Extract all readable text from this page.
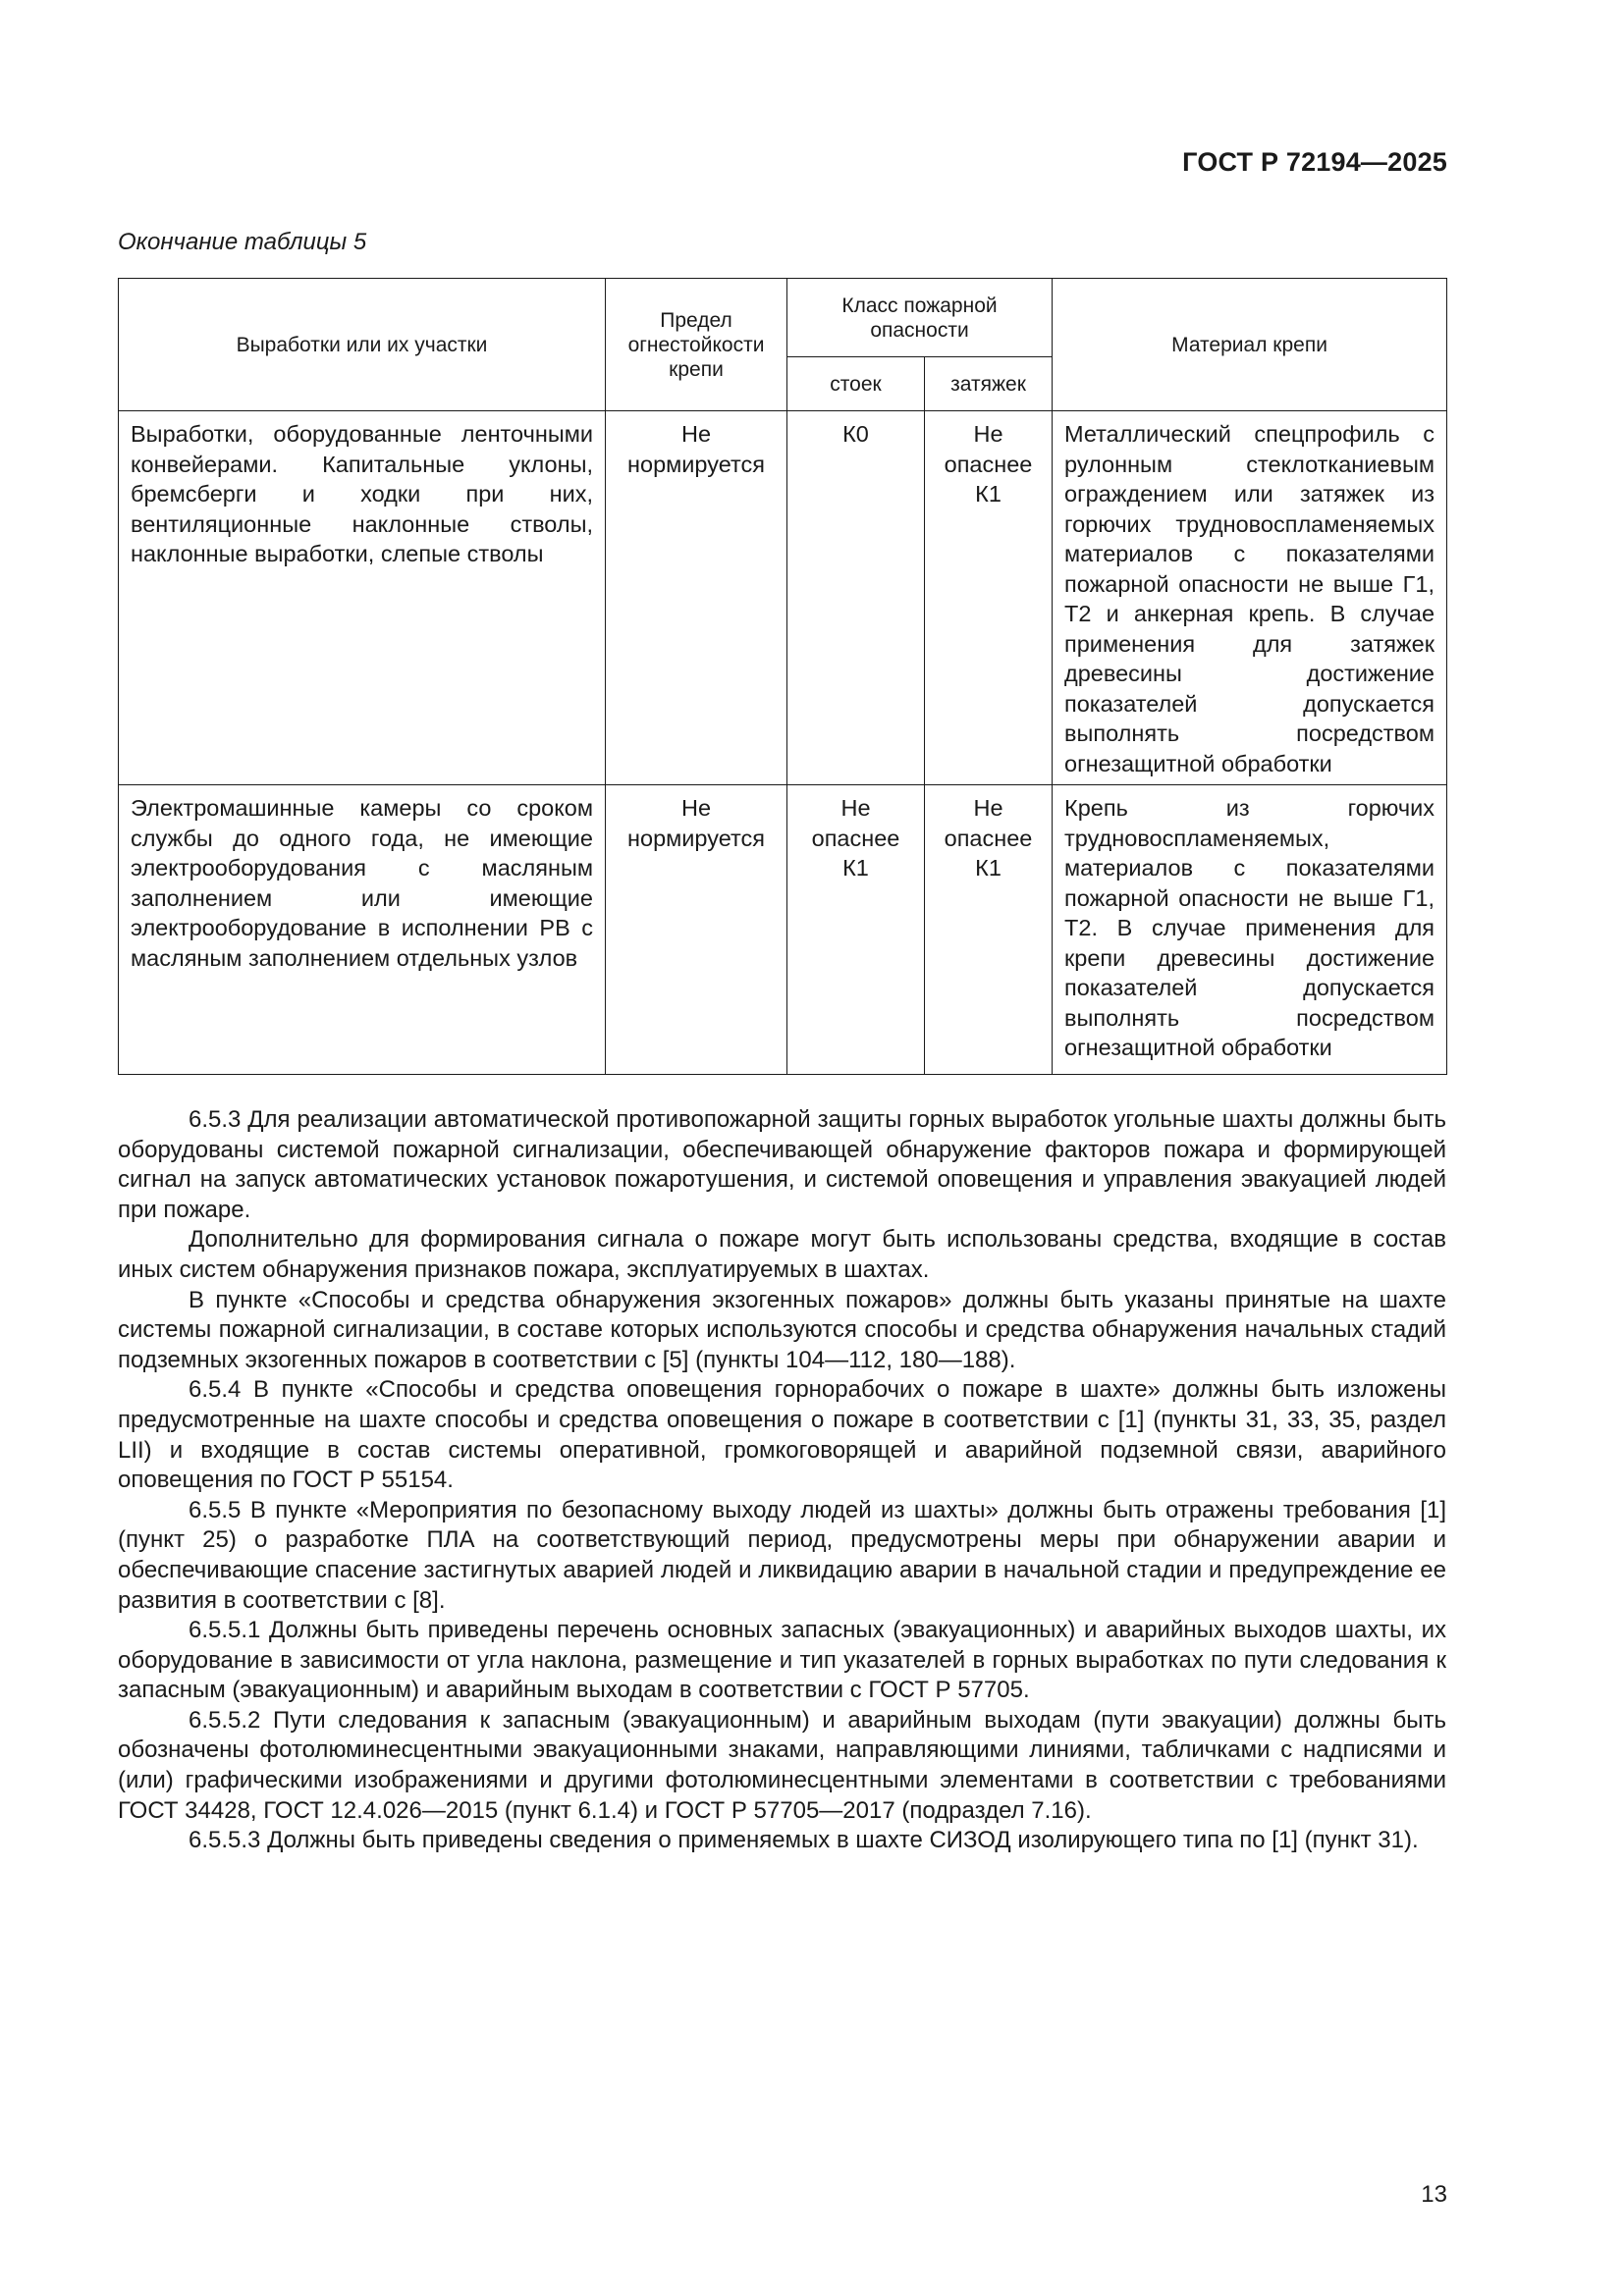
ГОСТ Р 72194—2025
Окончание таблицы 5
Выработки или их участки	Предел огнестойкости крепи	Класс пожарной опасности		Материал крепи
		стоек	затяжек	
Выработки, оборудованные ленточными конвейерами. Капитальные уклоны, бремсберги и ходки при них, вентиляционные наклонные стволы, наклонные выработки, слепые стволы	Не нормируется	К0	Не опаснее К1	Металлический спецпрофиль с рулонным стеклотканиевым ограждением или затяжек из горючих трудновоспламеняемых материалов с показателями пожарной опасности не выше Г1, Т2 и анкерная крепь. В случае применения для затяжек древесины достижение показателей допускается выполнять посредством огнезащитной обработки
Электромашинные камеры со сроком службы до одного года, не имеющие электрооборудования с масляным заполнением или имеющие электрооборудование в исполнении РВ с масляным заполнением отдельных узлов	Не нормируется	Не опаснее К1	Не опаснее К1	Крепь из горючих трудновоспламеняемых, материалов с показателями пожарной опасности не выше Г1, Т2. В случае применения для крепи древесины достижение показателей допускается выполнять посредством огнезащитной обработки

6.5.3 Для реализации автоматической противопожарной защиты горных выработок угольные шахты должны быть оборудованы системой пожарной сигнализации, обеспечивающей обнаружение факторов пожара и формирующей сигнал на запуск автоматических установок пожаротушения, и системой оповещения и управления эвакуацией людей при пожаре.

Дополнительно для формирования сигнала о пожаре могут быть использованы средства, входящие в состав иных систем обнаружения признаков пожара, эксплуатируемых в шахтах.

В пункте «Способы и средства обнаружения экзогенных пожаров» должны быть указаны принятые на шахте системы пожарной сигнализации, в составе которых используются способы и средства обнаружения начальных стадий подземных экзогенных пожаров в соответствии с [5] (пункты 104—112, 180—188).

6.5.4 В пункте «Способы и средства оповещения горнорабочих о пожаре в шахте» должны быть изложены предусмотренные на шахте способы и средства оповещения о пожаре в соответствии с [1] (пункты 31, 33, 35, раздел LII) и входящие в состав системы оперативной, громкоговорящей и аварийной подземной связи, аварийного оповещения по ГОСТ Р 55154.

6.5.5 В пункте «Мероприятия по безопасному выходу людей из шахты» должны быть отражены требования [1] (пункт 25) о разработке ПЛА на соответствующий период, предусмотрены меры при обнаружении аварии и обеспечивающие спасение застигнутых аварией людей и ликвидацию аварии в начальной стадии и предупреждение ее развития в соответствии с [8].

6.5.5.1 Должны быть приведены перечень основных запасных (эвакуационных) и аварийных выходов шахты, их оборудование в зависимости от угла наклона, размещение и тип указателей в горных выработках по пути следования к запасным (эвакуационным) и аварийным выходам в соответствии с ГОСТ Р 57705.

6.5.5.2 Пути следования к запасным (эвакуационным) и аварийным выходам (пути эвакуации) должны быть обозначены фотолюминесцентными эвакуационными знаками, направляющими линиями, табличками с надписями и (или) графическими изображениями и другими фотолюминесцентными элементами в соответствии с требованиями ГОСТ 34428, ГОСТ 12.4.026—2015 (пункт 6.1.4) и ГОСТ Р 57705—2017 (подраздел 7.16).

6.5.5.3 Должны быть приведены сведения о применяемых в шахте СИЗОД изолирующего типа по [1] (пункт 31).

13
